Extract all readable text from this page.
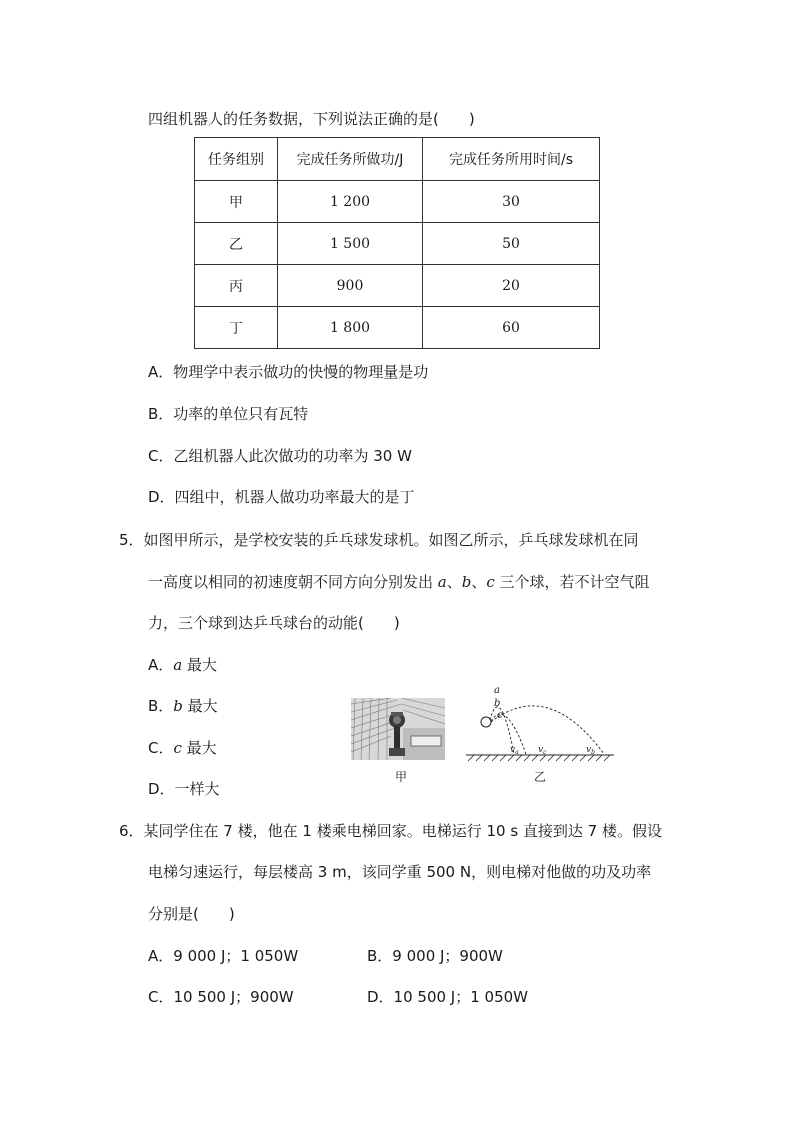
四组机器人的任务数据，下列说法正确的是(　　)
任务组别	完成任务所做功/J	完成任务所用时间/s
甲	1 200	30
乙	1 500	50
丙	900	20
丁	1 800	60
A．物理学中表示做功的快慢的物理量是功
B．功率的单位只有瓦特
C．乙组机器人此次做功的功率为 30 W
D．四组中，机器人做功功率最大的是丁
5．如图甲所示，是学校安装的乒乓球发球机。如图乙所示，乒乓球发球机在同
一高度以相同的初速度朝不同方向分别发出 a、b、c 三个球，若不计空气阻
力，三个球到达乒乓球台的动能(　　)
A．a 最大
B．b 最大
C．c 最大
D．一样大
甲
a
b
c
$v_a$ $v_c$	$v_b$
乙
6．某同学住在 7 楼，他在 1 楼乘电梯回家。电梯运行 10 s 直接到达 7 楼。假设
电梯匀速运行，每层楼高 3 m，该同学重 500 N，则电梯对他做的功及功率
分别是(　　)
A．9 000 J；1 050W	B．9 000 J；900W
C．10 500 J；900W	D．10 500 J；1 050W
